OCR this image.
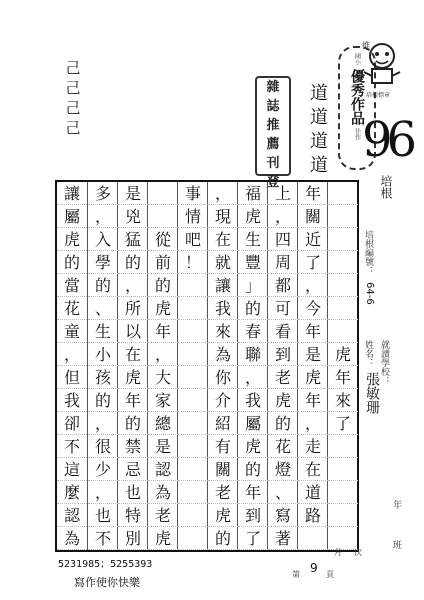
己
己
己
己
道
道
道
道
雜
誌
推
薦
刊
登
國小
優秀作品
佳作
推
培根標章
96
培根
虎
年
來
了
年
關
近
了
，
今
年
是
虎
年
，
走
在
道
路
上
，
四
周
都
可
看
到
老
虎
的
花
燈
、
寫
著
福
虎
生
豐
」
的
春
聯
，
我
屬
虎
的
年
到
了
，
現
在
就
讓
我
來
為
你
介
紹
有
關
老
虎
的
事
情
吧
！

從
前
的
虎
年
，
大
家
總
是
認
為
老
虎
是
兇
猛
的
，
所
以
在
虎
年
的
禁
忌
也
特
別
多
，
入
學
的
、
生
小
孩
的
，
很
少
，
也
不
讓
屬
虎
的
當
花
童
，
但
我
卻
不
這
麼
認
為
培根編號：
64-6
姓名：
張敏珊
就讀學校：
年
班
第 9 頁
月 次
5231985；5255393
寫作使你快樂
